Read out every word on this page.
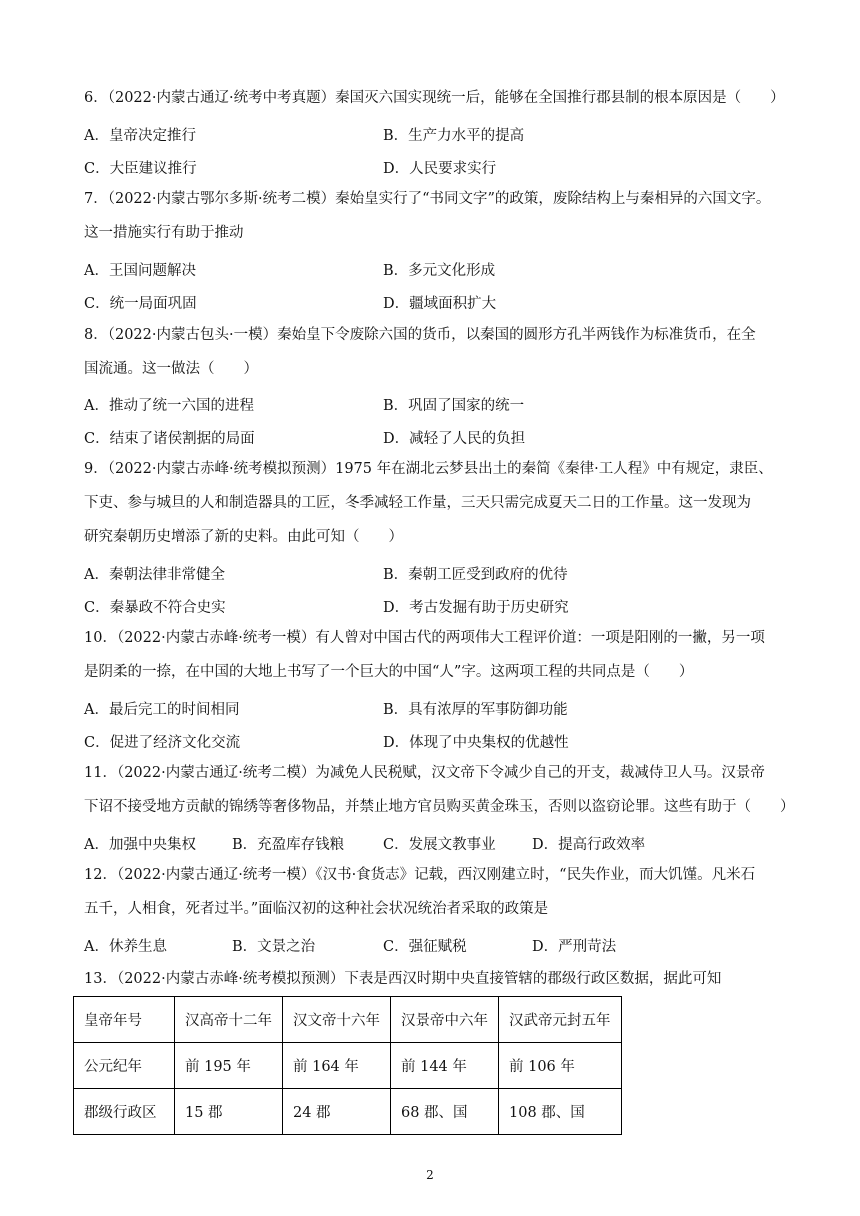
6．（2022·内蒙古通辽·统考中考真题）秦国灭六国实现统一后，能够在全国推行郡县制的根本原因是（　　）
A．皇帝决定推行	B．生产力水平的提高
C．大臣建议推行	D．人民要求实行
7．（2022·内蒙古鄂尔多斯·统考二模）秦始皇实行了“书同文字”的政策，废除结构上与秦相异的六国文字。
这一措施实行有助于推动
A．王国问题解决	B．多元文化形成
C．统一局面巩固	D．疆域面积扩大
8．（2022·内蒙古包头·一模）秦始皇下令废除六国的货币，以秦国的圆形方孔半两钱作为标准货币，在全
国流通。这一做法（　　）
A．推动了统一六国的进程	B．巩固了国家的统一
C．结束了诸侯割据的局面	D．减轻了人民的负担
9．（2022·内蒙古赤峰·统考模拟预测）1975 年在湖北云梦县出土的秦简《秦律·工人程》中有规定，隶臣、
下吏、参与城旦的人和制造器具的工匠，冬季减轻工作量，三天只需完成夏天二日的工作量。这一发现为
研究秦朝历史增添了新的史料。由此可知（　　）
A．秦朝法律非常健全	B．秦朝工匠受到政府的优待
C．秦暴政不符合史实	D．考古发掘有助于历史研究
10．（2022·内蒙古赤峰·统考一模）有人曾对中国古代的两项伟大工程评价道：一项是阳刚的一撇，另一项
是阴柔的一捺，在中国的大地上书写了一个巨大的中国“人”字。这两项工程的共同点是（　　）
A．最后完工的时间相同	B．具有浓厚的军事防御功能
C．促进了经济文化交流	D．体现了中央集权的优越性
11．（2022·内蒙古通辽·统考二模）为减免人民税赋，汉文帝下令减少自己的开支，裁减侍卫人马。汉景帝
下诏不接受地方贡献的锦绣等奢侈物品，并禁止地方官员购买黄金珠玉，否则以盗窃论罪。这些有助于（　　）
A．加强中央集权 B．充盈库存钱粮	C．发展文教事业	D．提高行政效率
12．（2022·内蒙古通辽·统考一模）《汉书·食货志》记载，西汉刚建立时，“民失作业，而大饥馑。凡米石
五千，人相食，死者过半。”面临汉初的这种社会状况统治者采取的政策是
A．休养生息	B．文景之治	C．强征赋税	D．严刑苛法
13．（2022·内蒙古赤峰·统考模拟预测）下表是西汉时期中央直接管辖的郡级行政区数据，据此可知
皇帝年号	汉高帝十二年	汉文帝十六年	汉景帝中六年	汉武帝元封五年
公元纪年	前 195 年	前 164 年	前 144 年	前 106 年
郡级行政区	15 郡	24 郡	68 郡、国	108 郡、国
2
